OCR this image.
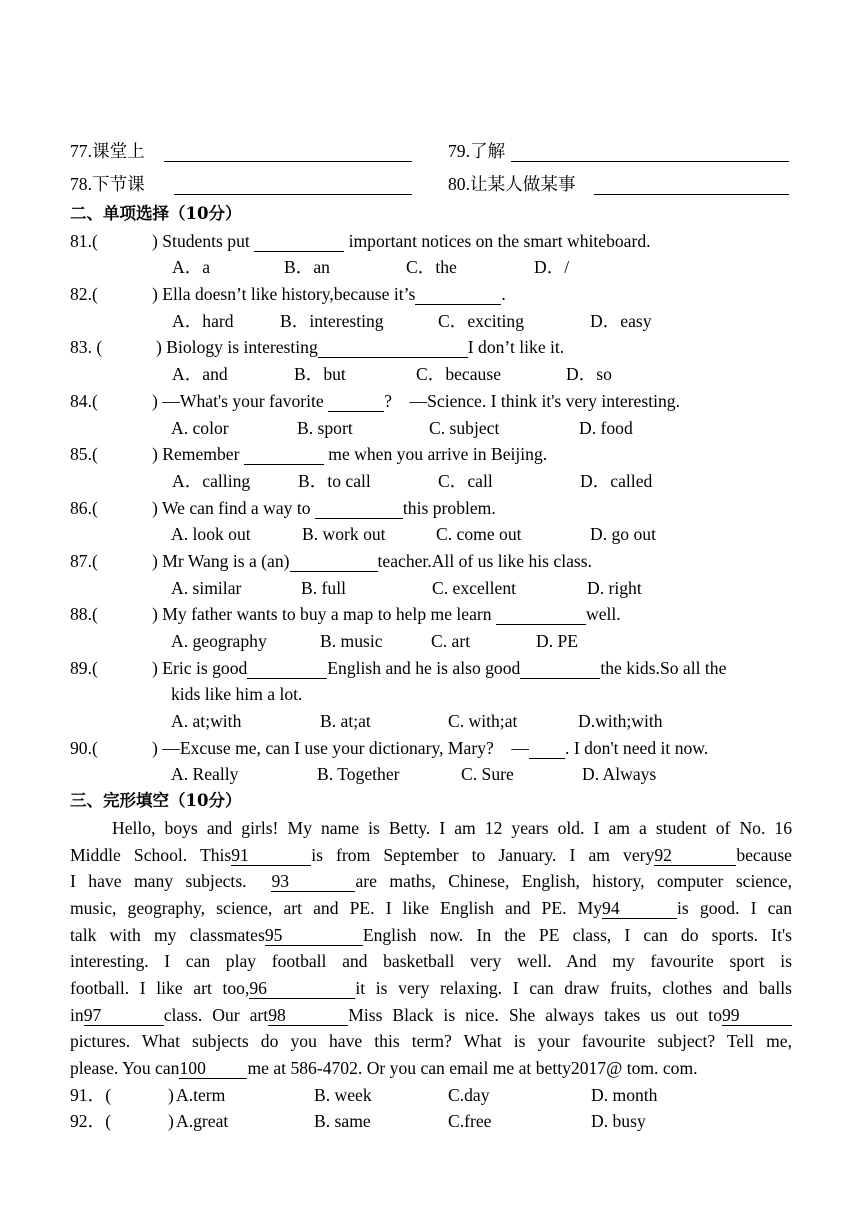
77.课堂上	79.了解
78.下节课	80.让某人做某事
二、单项选择（10分）
81.(	) Students put	important notices on the smart whiteboard.
A．a	B．an	C．the	D．/
82.(	) Ella doesn’t like history,because it’s	.
A．hard	B．interesting	C．exciting	D．easy
83. (	) Biology is interesting	I don’t like it.
A．and	B．but	C．because	D．so
84.(	) —What's your favorite	?　—Science. I think it's very interesting.
A. color	B. sport	C. subject	D. food
85.(	) Remember	me when you arrive in Beijing.
A．calling	B．to call	C．call	D．called
86.(	) We can find a way to	this problem.
A. look out	B. work out	C. come out	D. go out
87.(	) Mr Wang is a (an)	teacher.All of us like his class.
A. similar	B. full	C. excellent	D. right
88.(	) My father wants to buy a map to help me learn	well.
A. geography	B. music	C. art	D. PE
89.(	) Eric is good	English and he is also good	the kids.So all the
kids like him a lot.
A. at;with	B. at;at	C. with;at	D.with;with
90.(	) —Excuse me, can I use your dictionary, Mary?　— . I don't need it now.
A. Really	B. Together	C. Sure	D. Always
三、完形填空（10分）
Hello, boys and girls! My name is Betty. I am 12 years old. I am a student of No. 16
Middle School. This91	is from September to January. I am very92	because
I have many subjects. 93	are maths, Chinese, English, history, computer science,
music, geography, science, art and PE. I like English and PE. My94	is good. I can
talk with my classmates95	English now. In the PE class, I can do sports. It's
interesting. I can play football and basketball very well. And my favourite sport is
football. I like art too,96	it is very relaxing. I can draw fruits, clothes and balls
in97	class. Our art98	Miss Black is nice. She always takes us out to99
pictures. What subjects do you have this term? What is your favourite subject? Tell me,
please. You can100 me at 586-4702. Or you can email me at betty2017@ tom. com.
91．(	) A.term	B. week	C.day	D. month
92．(	) A.great	B. same	C.free	D. busy
